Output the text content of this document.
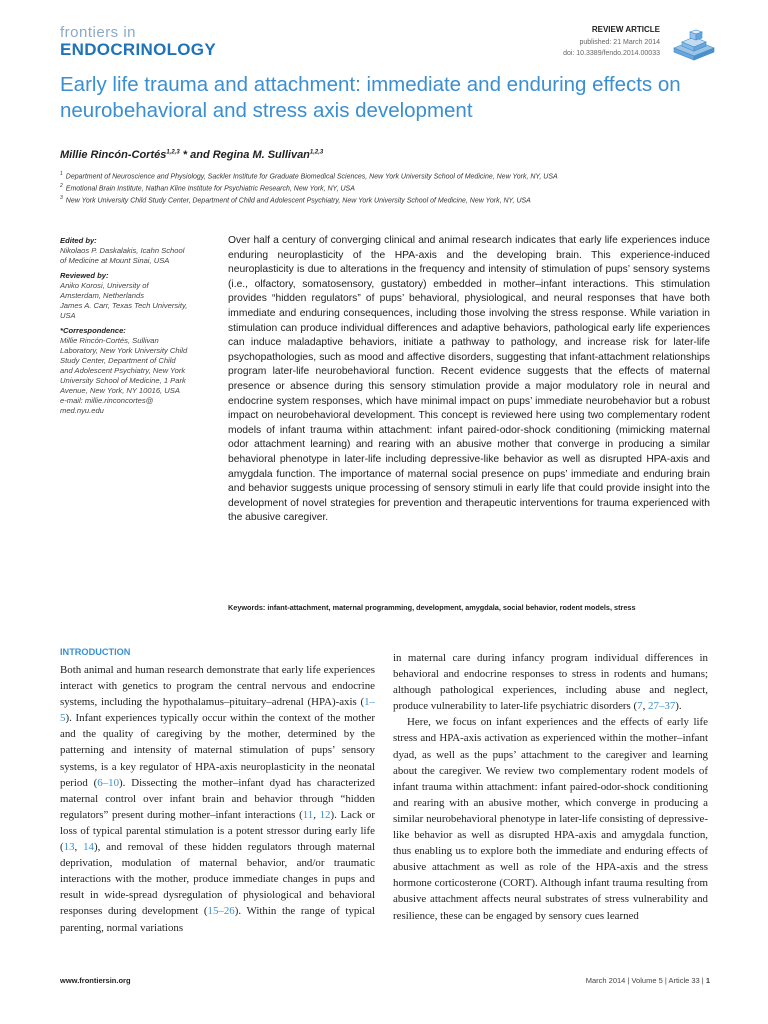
frontiers in
ENDOCRINOLOGY
REVIEW ARTICLE
published: 21 March 2014
doi: 10.3389/fendo.2014.00033
Early life trauma and attachment: immediate and enduring effects on neurobehavioral and stress axis development
Millie Rincón-Cortés$^{1,2,3}$ * and Regina M. Sullivan$^{1,2,3}$
$^1$ Department of Neuroscience and Physiology, Sackler Institute for Graduate Biomedical Sciences, New York University School of Medicine, New York, NY, USA
$^2$ Emotional Brain Institute, Nathan Kline Institute for Psychiatric Research, New York, NY, USA
$^3$ New York University Child Study Center, Department of Child and Adolescent Psychiatry, New York University School of Medicine, New York, NY, USA
Edited by:
Nikolaos P. Daskalakis, Icahn School
of Medicine at Mount Sinai, USA
Reviewed by:
Aniko Korosi, University of
Amsterdam, Netherlands
James A. Carr, Texas Tech University,
USA
*Correspondence:
Millie Rincón-Cortés, Sullivan
Laboratory, New York University Child
Study Center, Department of Child
and Adolescent Psychiatry, New York
University School of Medicine, 1 Park
Avenue, New York, NY 10016, USA
e-mail: millie.rinconcortes@
med.nyu.edu
Over half a century of converging clinical and animal research indicates that early life experiences induce enduring neuroplasticity of the HPA-axis and the developing brain. This experience-induced neuroplasticity is due to alterations in the frequency and intensity of stimulation of pups’ sensory systems (i.e., olfactory, somatosensory, gustatory) embedded in mother–infant interactions. This stimulation provides “hidden regulators” of pups’ behavioral, physiological, and neural responses that have both immediate and enduring consequences, including those involving the stress response. While variation in stimulation can produce individual differences and adaptive behaviors, pathological early life experiences can induce maladaptive behaviors, initiate a pathway to pathology, and increase risk for later-life psychopathologies, such as mood and affective disorders, suggesting that infant-attachment relationships program later-life neurobehavioral function. Recent evidence suggests that the effects of maternal presence or absence during this sensory stimulation provide a major modulatory role in neural and endocrine system responses, which have minimal impact on pups’ immediate neurobehavior but a robust impact on neurobehavioral development. This concept is reviewed here using two complementary rodent models of infant trauma within attachment: infant paired-odor-shock conditioning (mimicking maternal odor attachment learning) and rearing with an abusive mother that converge in producing a similar behavioral phenotype in later-life including depressive-like behavior as well as disrupted HPA-axis and amygdala function. The importance of maternal social presence on pups’ immediate and enduring brain and behavior suggests unique processing of sensory stimuli in early life that could provide insight into the development of novel strategies for prevention and therapeutic interventions for trauma experienced with the abusive caregiver.
Keywords: infant-attachment, maternal programming, development, amygdala, social behavior, rodent models, stress
INTRODUCTION
Both animal and human research demonstrate that early life experiences interact with genetics to program the central nervous and endocrine systems, including the hypothalamus–pituitary–adrenal (HPA)-axis (1–5). Infant experiences typically occur within the context of the mother and the quality of caregiving by the mother, determined by the patterning and intensity of maternal stimulation of pups’ sensory systems, is a key regulator of HPA-axis neuroplasticity in the neonatal period (6–10). Dissecting the mother–infant dyad has characterized maternal control over infant brain and behavior through “hidden regulators” present during mother–infant interactions (11, 12). Lack or loss of typical parental stimulation is a potent stressor during early life (13, 14), and removal of these hidden regulators through maternal deprivation, modulation of maternal behavior, and/or traumatic interactions with the mother, produce immediate changes in pups and result in wide-spread dysregulation of physiological and behavioral responses during development (15–26). Within the range of typical parenting, normal variations
in maternal care during infancy program individual differences in behavioral and endocrine responses to stress in rodents and humans; although pathological experiences, including abuse and neglect, produce vulnerability to later-life psychiatric disorders (7, 27–37).
Here, we focus on infant experiences and the effects of early life stress and HPA-axis activation as experienced within the mother–infant dyad, as well as the pups’ attachment to the caregiver and learning about the caregiver. We review two complementary rodent models of infant trauma within attachment: infant paired-odor-shock conditioning and rearing with an abusive mother, which converge in producing a similar neurobehavioral phenotype in later-life consisting of depressive-like behavior as well as disrupted HPA-axis and amygdala function, thus enabling us to explore both the immediate and enduring effects of abusive attachment as well as role of the HPA-axis and the stress hormone corticosterone (CORT). Although infant trauma resulting from abusive attachment affects neural substrates of stress vulnerability and resilience, these can be engaged by sensory cues learned
www.frontiersin.org	March 2014 | Volume 5 | Article 33 | 1
